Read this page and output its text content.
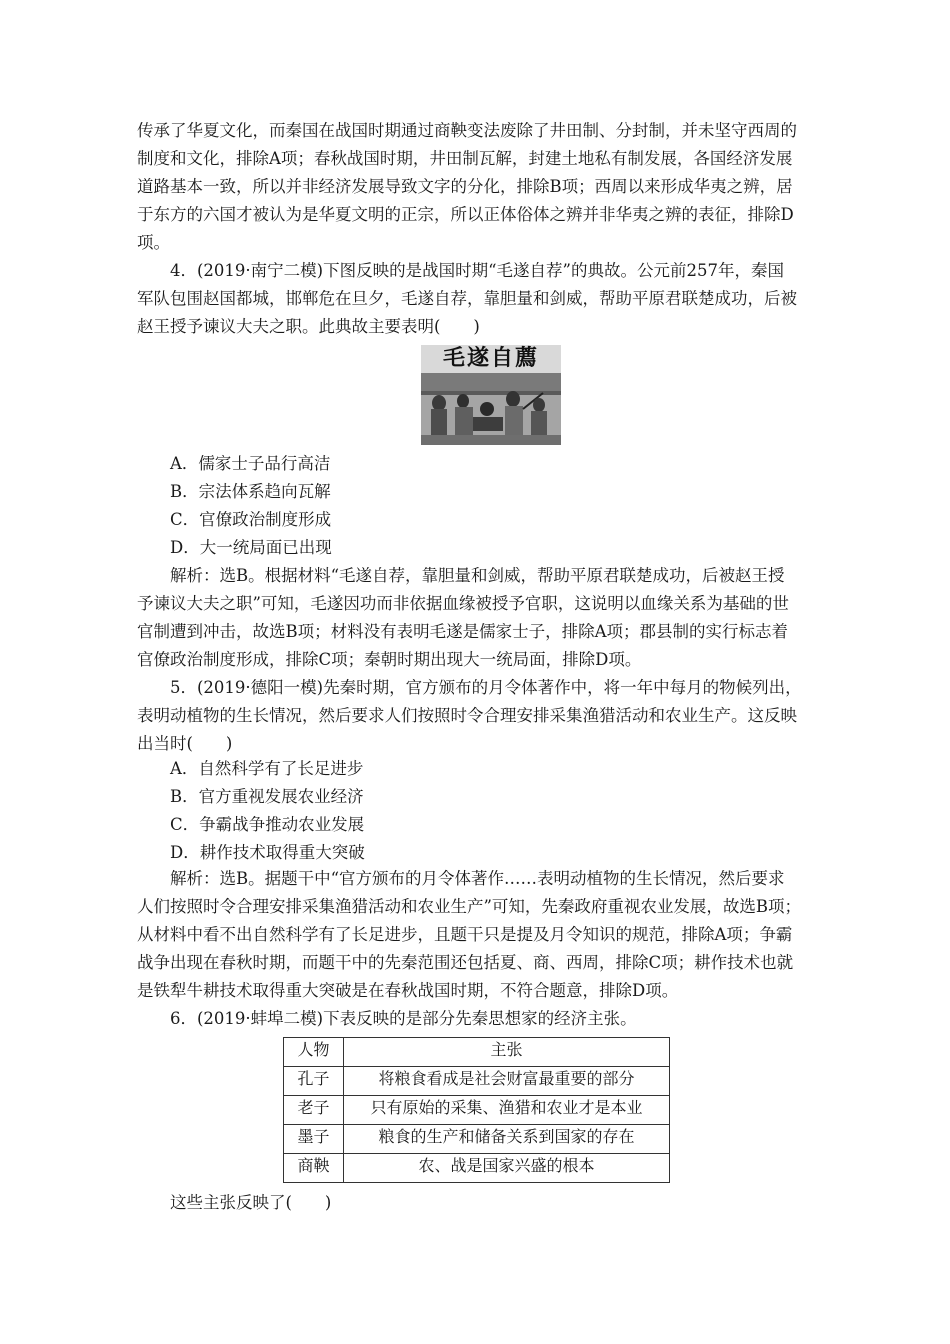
传承了华夏文化，而秦国在战国时期通过商鞅变法废除了井田制、分封制，并未坚守西周的
制度和文化，排除A项；春秋战国时期，井田制瓦解，封建土地私有制发展，各国经济发展
道路基本一致，所以并非经济发展导致文字的分化，排除B项；西周以来形成华夷之辨，居
于东方的六国才被认为是华夏文明的正宗，所以正体俗体之辨并非华夷之辨的表征，排除D
项。
　　4．(2019·南宁二模)下图反映的是战国时期“毛遂自荐”的典故。公元前257年，秦国
军队包围赵国都城，邯郸危在旦夕，毛遂自荐，靠胆量和剑威，帮助平原君联楚成功，后被
赵王授予谏议大夫之职。此典故主要表明(　　)
毛遂自薦
A．儒家士子品行高洁
B．宗法体系趋向瓦解
C．官僚政治制度形成
D．大一统局面已出现
　　解析：选B。根据材料“毛遂自荐，靠胆量和剑威，帮助平原君联楚成功，后被赵王授
予谏议大夫之职”可知，毛遂因功而非依据血缘被授予官职，这说明以血缘关系为基础的世
官制遭到冲击，故选B项；材料没有表明毛遂是儒家士子，排除A项；郡县制的实行标志着
官僚政治制度形成，排除C项；秦朝时期出现大一统局面，排除D项。
　　5．(2019·德阳一模)先秦时期，官方颁布的月令体著作中，将一年中每月的物候列出，
表明动植物的生长情况，然后要求人们按照时令合理安排采集渔猎活动和农业生产。这反映
出当时(　　)
A．自然科学有了长足进步
B．官方重视发展农业经济
C．争霸战争推动农业发展
D．耕作技术取得重大突破
　　解析：选B。据题干中“官方颁布的月令体著作……表明动植物的生长情况，然后要求
人们按照时令合理安排采集渔猎活动和农业生产”可知，先秦政府重视农业发展，故选B项；
从材料中看不出自然科学有了长足进步，且题干只是提及月令知识的规范，排除A项；争霸
战争出现在春秋时期，而题干中的先秦范围还包括夏、商、西周，排除C项；耕作技术也就
是铁犁牛耕技术取得重大突破是在春秋战国时期，不符合题意，排除D项。
　　6．(2019·蚌埠二模)下表反映的是部分先秦思想家的经济主张。
人物	主张
孔子	将粮食看成是社会财富最重要的部分
老子	只有原始的采集、渔猎和农业才是本业
墨子	粮食的生产和储备关系到国家的存在
商鞅	农、战是国家兴盛的根本
这些主张反映了(　　)
